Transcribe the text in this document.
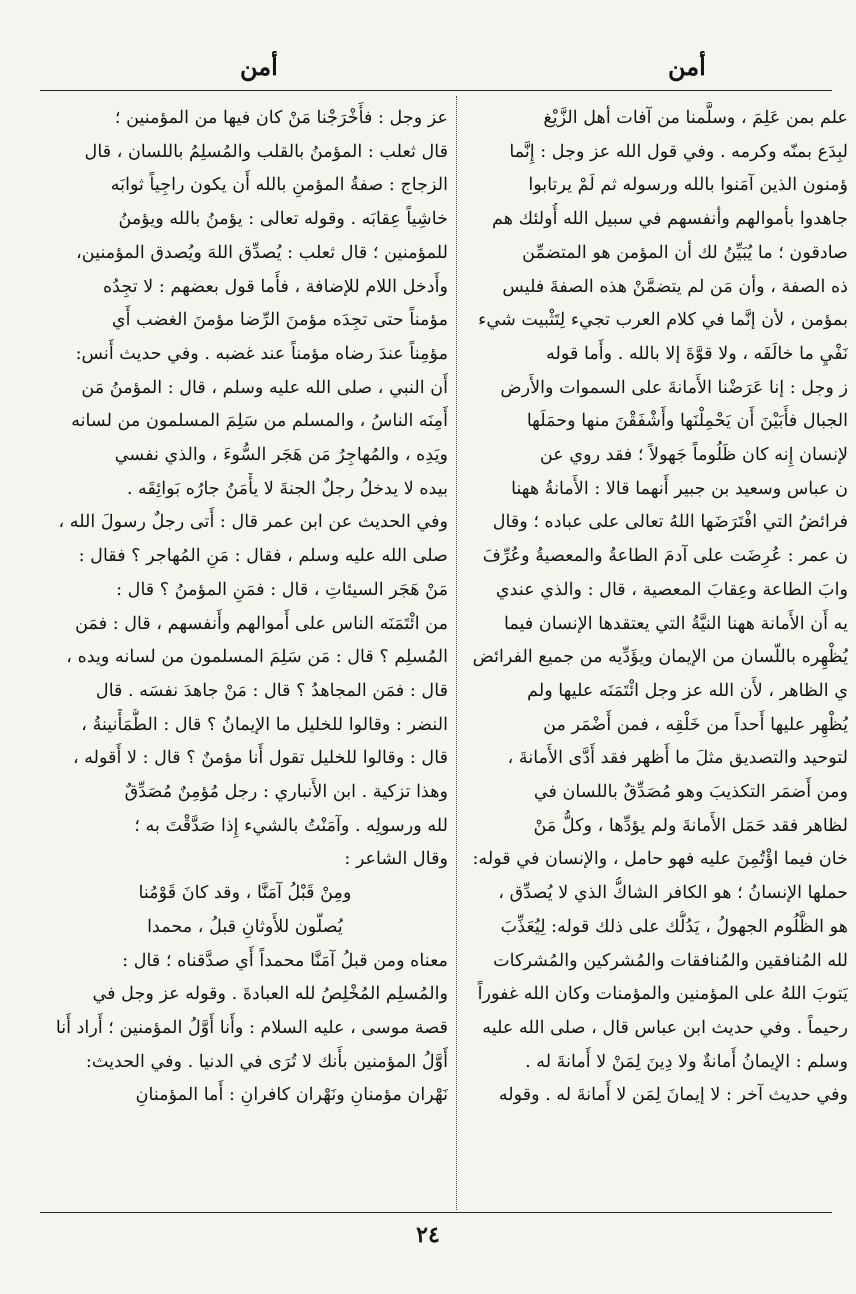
أمن	أمن
علم بمن عَلِمَ ، وسلَّمنا من آفات أهل الزَّيْغ
لبِدَع بمنّه وكرمه . وفي قول الله عز وجل : إِنَّما
ؤمنون الذين آمَنوا بالله ورسوله ثم لَمْ يرتابوا
جاهدوا بأموالهم وأنفسهم في سبيل الله أُولئك هم
صادقون ؛ ما يُبَيِّنُ لك أن المؤمن هو المتضمِّن
ذه الصفة ، وأن مَن لم يتضمَّنْ هذه الصفةَ فليس
بمؤمن ، لأن إنَّما في كلام العرب تجيء لِتَثْبيت شيء
نَفْيِ ما خالَفَه ، ولا قوَّةَ إلا بالله . وأَما قوله
ز وجل : إنا عَرَضْنا الأَمانةَ على السموات والأَرض
الجبال فأَبَيْنَ أَن يَحْمِلْنَها وأَشْفَقْنَ منها وحمَلَها
لإنسان إِنه كان ظَلُوماً جَهولاً ؛ فقد روي عن
ن عباس وسعيد بن جبير أَنهما قالا : الأَمانةُ ههنا
فرائضُ التي افْتَرَضَها اللهُ تعالى على عباده ؛ وقال
ن عمر : عُرِضَت على آدمَ الطاعةُ والمعصيةُ وعُرِّفَ
وابَ الطاعة وعِقابَ المعصية ، قال : والذي عندي
يه أَن الأَمانة ههنا النيَّةُ التي يعتقدها الإنسان فيما
يُظْهِره باللّسان من الإيمان ويؤَدِّيه من جميع الفرائض
ي الظاهر ، لأَن الله عز وجل ائْتَمَنَه عليها ولم
يُظْهِر عليها أَحداً من خَلْقِه ، فمن أَضْمَر من
لتوحيد والتصديق مثلَ ما أَظهر فقد أَدَّى الأَمانةَ ،
ومن أَضمَر التكذيبَ وهو مُصَدِّقٌ باللسان في
لظاهر فقد حَمَل الأَمانةَ ولم يؤدِّها ، وكلُّ مَنْ
خان فيما اؤْتُمِنَ عليه فهو حامل ، والإنسان في قوله:
حملها الإنسانُ ؛ هو الكافر الشاكُّ الذي لا يُصدِّق ،
هو الظَّلُوم الجهولُ ، يَدُلُّك على ذلك قوله: لِيُعَذِّبَ
لله المُنافقين والمُنافقات والمُشركين والمُشركات
يَتوبَ اللهُ على المؤمنين والمؤمنات وكان الله غفوراً
رحيماً . وفي حديث ابن عباس قال ، صلى الله عليه
وسلم : الإيمانُ أَمانةٌ ولا دِينَ لِمَنْ لا أَمانةَ له .
وفي حديث آخر : لا إيمانَ لِمَن لا أَمانةَ له . وقوله
عز وجل : فأَخْرَجْنا مَنْ كان فيها من المؤمنين ؛
قال ثعلب : المؤمنُ بالقلب والمُسلِمُ باللسان ، قال
الزجاج : صفةُ المؤمنِ بالله أَن يكون راجِياً ثوابَه
خاشِياً عِقابَه . وقوله تعالى : يؤمنُ بالله ويؤمنُ
للمؤمنين ؛ قال ثعلب : يُصدِّق اللهَ ويُصدق المؤمنين،
وأَدخل اللام للإضافة ، فأَما قول بعضهم : لا تجِدُه
مؤمناً حتى تجِدَه مؤمنَ الرِّضا مؤمنَ الغضب أَي
مؤمِناً عندَ رضاه مؤمناً عند غضبه . وفي حديث أَنس:
أَن النبي ، صلى الله عليه وسلم ، قال : المؤمنُ مَن
أَمِنَه الناسُ ، والمسلم من سَلِمَ المسلمون من لسانه
ويَدِه ، والمُهاجِرُ مَن هَجَر السُّوءَ ، والذي نفسي
بيده لا يدخلُ رجلٌ الجنةَ لا يأْمَنُ جارُه بَوائِقَه .
وفي الحديث عن ابن عمر قال : أَتى رجلٌ رسولَ الله ،
صلى الله عليه وسلم ، فقال : مَنِ المُهاجر ؟ فقال :
مَنْ هَجَر السيئاتِ ، قال : فمَنِ المؤمنُ ؟ قال :
من ائْتَمَنَه الناس على أَموالهم وأَنفسهم ، قال : فمَن
المُسلِم ؟ قال : مَن سَلِمَ المسلمون من لسانه ويده ،
قال : فمَن المجاهدُ ؟ قال : مَنْ جاهدَ نفسَه . قال
النضر : وقالوا للخليل ما الإيمانُ ؟ قال : الطُّمَأْنينةُ ،
قال : وقالوا للخليل تقول أَنا مؤمنٌ ؟ قال : لا أَقوله ،
وهذا تزكية . ابن الأَنباري : رجل مُؤمِنٌ مُصَدِّقٌ
لله ورسولِه . وآمَنْتُ بالشيء إِذا صَدَّقْتَ به ؛
وقال الشاعر :
ومِنْ قَبْلُ آمَنَّا ، وقد كانَ قَوْمُنا
يُصلّون للأَوثانِ قبلُ ، محمدا
معناه ومن قبلُ آمَنَّا محمداً أَي صدَّقناه ؛ قال :
والمُسلِم المُخْلِصُ لله العبادةَ . وقوله عز وجل في
قصة موسى ، عليه السلام : وأَنا أَوَّلُ المؤمنين ؛ أَراد أَنا
أَوَّلُ المؤمنين بأَنك لا تُرَى في الدنيا . وفي الحديث:
نَهْران مؤمنانِ ونَهْران كافرانِ : أَما المؤمنانِ
٢٤
